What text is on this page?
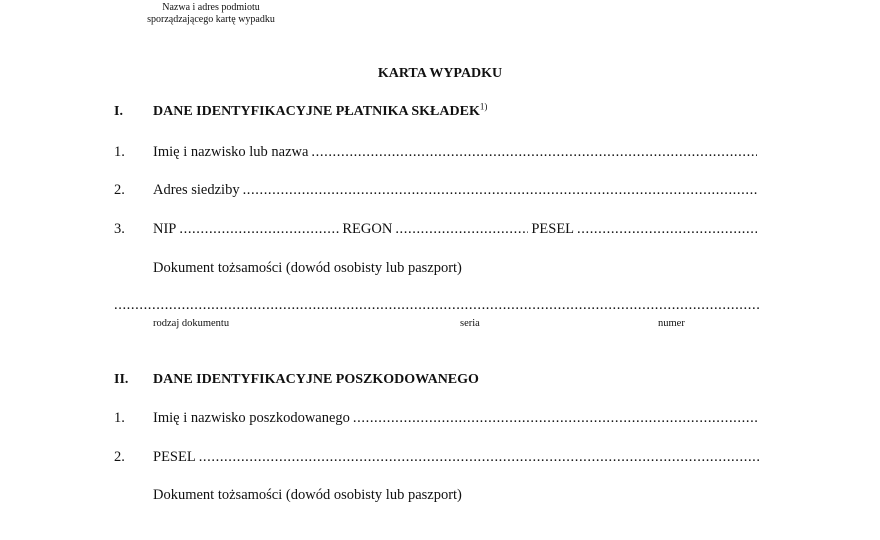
Nazwa i adres podmiotu
sporządzającego kartę wypadku
KARTA WYPADKU
I. DANE IDENTYFIKACYJNE PŁATNIKA SKŁADEK$^{1)}$
1. Imię i nazwisko lub nazwa
.....
2. Adres siedziby
.....
3. NIP .....	REGON .....	PESEL
.....
Dokument tożsamości (dowód osobisty lub paszport)
.....
rodzaj dokumentu	seria	numer
II. DANE IDENTYFIKACYJNE POSZKODOWANEGO
1. Imię i nazwisko poszkodowanego
.....
2. PESEL
.....
Dokument tożsamości (dowód osobisty lub paszport)
